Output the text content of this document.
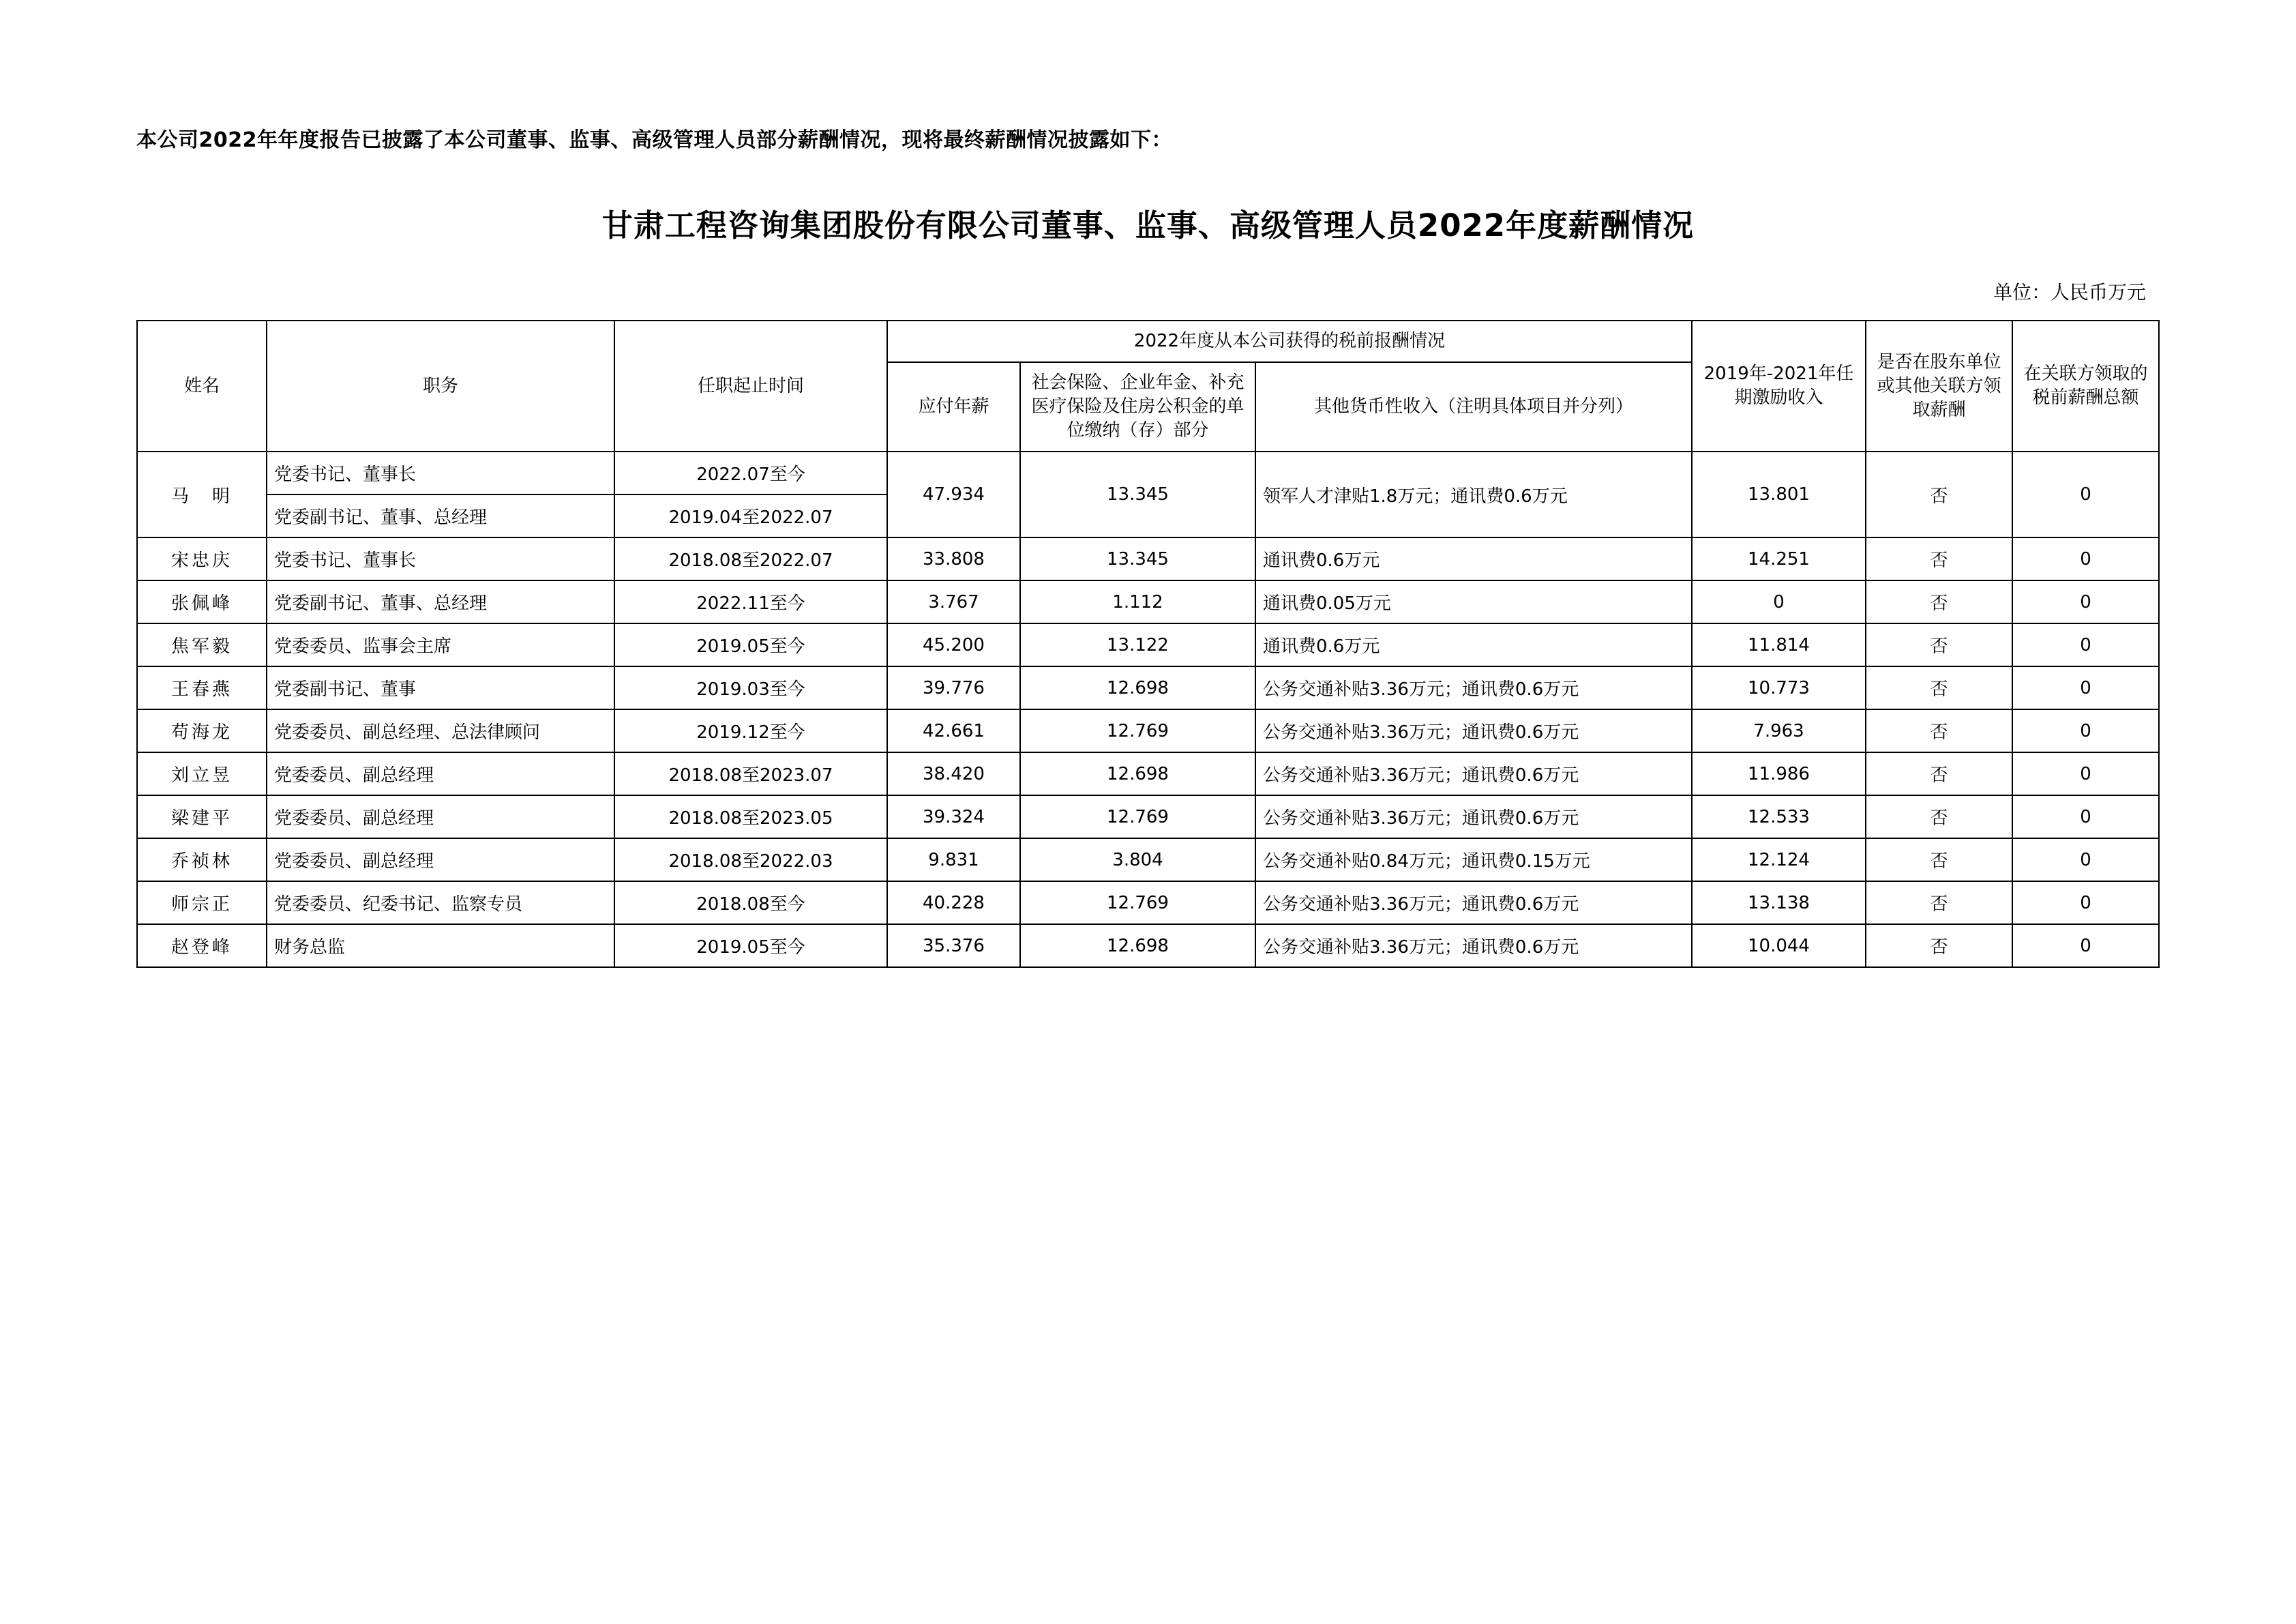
本公司2022年年度报告已披露了本公司董事、监事、高级管理人员部分薪酬情况，现将最终薪酬情况披露如下：
甘肃工程咨询集团股份有限公司董事、监事、高级管理人员2022年度薪酬情况
单位：人民币万元
姓名	职务	任职起止时间	2022年度从本公司获得的税前报酬情况			2019年-2021年任期激励收入	是否在股东单位或其他关联方领取薪酬	在关联方领取的税前薪酬总额
			应付年薪	社会保险、企业年金、补充医疗保险及住房公积金的单位缴纳（存）部分	其他货币性收入（注明具体项目并分列）			
马　明	党委书记、董事长	2022.07至今	47.934	13.345	领军人才津贴1.8万元；通讯费0.6万元	13.801	否	0
	党委副书记、董事、总经理	2019.04至2022.07						
宋忠庆	党委书记、董事长	2018.08至2022.07	33.808	13.345	通讯费0.6万元	14.251	否	0
张佩峰	党委副书记、董事、总经理	2022.11至今	3.767	1.112	通讯费0.05万元	0	否	0
焦军毅	党委委员、监事会主席	2019.05至今	45.200	13.122	通讯费0.6万元	11.814	否	0
王春燕	党委副书记、董事	2019.03至今	39.776	12.698	公务交通补贴3.36万元；通讯费0.6万元	10.773	否	0
苟海龙	党委委员、副总经理、总法律顾问	2019.12至今	42.661	12.769	公务交通补贴3.36万元；通讯费0.6万元	7.963	否	0
刘立昱	党委委员、副总经理	2018.08至2023.07	38.420	12.698	公务交通补贴3.36万元；通讯费0.6万元	11.986	否	0
梁建平	党委委员、副总经理	2018.08至2023.05	39.324	12.769	公务交通补贴3.36万元；通讯费0.6万元	12.533	否	0
乔祯林	党委委员、副总经理	2018.08至2022.03	9.831	3.804	公务交通补贴0.84万元；通讯费0.15万元	12.124	否	0
师宗正	党委委员、纪委书记、监察专员	2018.08至今	40.228	12.769	公务交通补贴3.36万元；通讯费0.6万元	13.138	否	0
赵登峰	财务总监	2019.05至今	35.376	12.698	公务交通补贴3.36万元；通讯费0.6万元	10.044	否	0
